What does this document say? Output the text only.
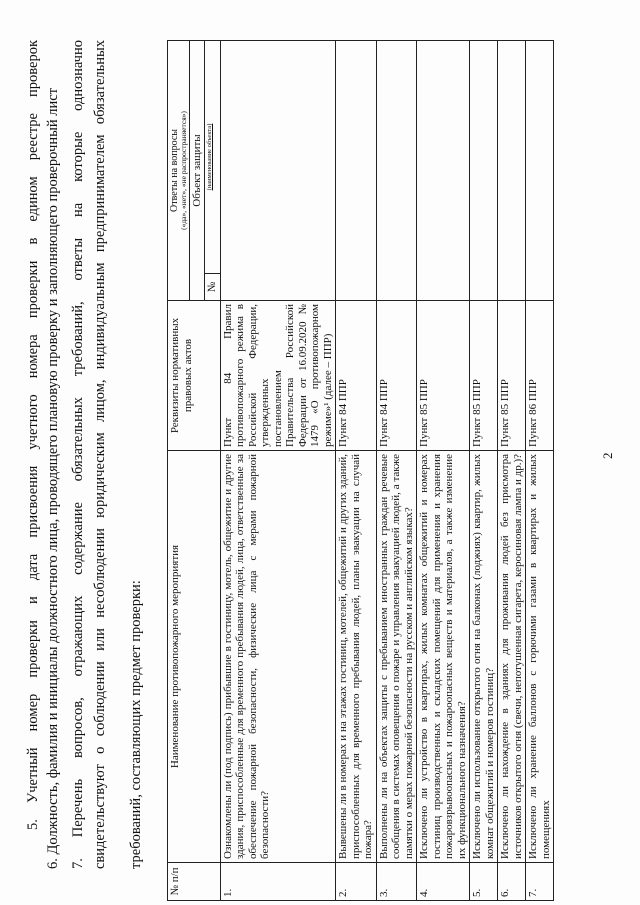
2
5. Учетный номер проверки и дата присвоения учетного номера проверки в едином реестре проверок 6. Должность, фамилия и инициалы должностного лица, проводящего плановую проверку и заполняющего проверочный лист 7. Перечень вопросов, отражающих содержание обязательных требований, ответы на которые однозначно свидетельствуют о соблюдении или несоблюдении юридическим лицом, индивидуальным предпринимателем обязательных требований, составляющих предмет проверки:
№ п/п	Наименование противопожарного мероприятия	Реквизиты нормативных правовых актов	Ответы на вопросы («да», «нет», «не распространяется»)	

			Объект защиты	
			№	(наименование объекта)

1.	Ознакомлены ли (под подпись) прибывшие в гостиницу, мотель, общежитие и другие здания, приспособленные для временного пребывания людей, лица, ответственные за обеспечение пожарной безопасности, физические лица с мерами пожарной безопасности?	Пункт 84 Правил противопожарного режима в Российской Федерации, утвержденных постановлением Правительства Российской Федерации от 16.09.2020 № 1479 «О противопожарном режиме»¹ (далее – ППР)		
2.	Вывешены ли в номерах и на этажах гостиниц, мотелей, общежитий и других зданий, приспособленных для временного пребывания людей, планы эвакуации на случай пожара?	Пункт 84 ППР		
3.	Выполнены ли на объектах защиты с пребыванием иностранных граждан речевые сообщения в системах оповещения о пожаре и управления эвакуацией людей, а также памятки о мерах пожарной безопасности на русском и английском языках?	Пункт 84 ППР		
4.	Исключено ли устройство в квартирах, жилых комнатах общежитий и номерах гостиниц производственных и складских помещений для применения и хранения пожаровзрывоопасных и пожароопасных веществ и материалов, а также изменение их функционального назначения?	Пункт 85 ППР		
5.	Исключено ли использование открытого огня на балконах (лоджиях) квартир, жилых комнат общежитий и номеров гостиниц?	Пункт 85 ППР		
6.	Исключено ли нахождение в зданиях для проживания людей без присмотра источников открытого огня (свечи, непотушенная сигарета, керосиновая лампа и др.)?	Пункт 85 ППР		
7.	Исключено ли хранение баллонов с горючими газами в квартирах и жилых помещениях	Пункт 86 ППР		
